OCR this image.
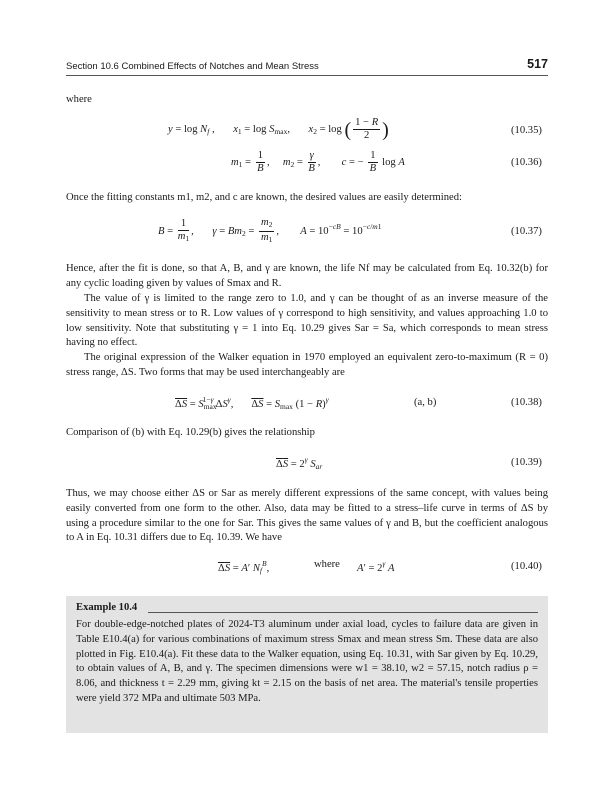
Section 10.6 Combined Effects of Notches and Mean Stress	517
where
$y = \log N_f$ ,       $x_1 = \log S_{max}$,       $x_2 = \log$ ( $\frac{1 - R}{2}$ )	(10.35)
$m_1 = \frac{1}{B}$ ,     $m_2 = \frac{\gamma}{B}$ ,        c = − $\frac{1}{B}$ log A	(10.36)
Once the fitting constants m1, m2, and c are known, the desired values are easily determined:
$B = \frac{1}{m_1}$ ,       $\gamma = Bm_2 = \frac{m_2}{m_1}$ ,        $A = 10^{-cB} = 10^{-c/m1}$	(10.37)
Hence, after the fit is done, so that A, B, and γ are known, the life Nf may be calculated from Eq. 10.32(b) for any cyclic loading given by values of Smax and R.
The value of γ is limited to the range zero to 1.0, and γ can be thought of as an inverse measure of the sensitivity to mean stress or to R. Low values of γ correspond to high sensitivity, and values approaching 1.0 to low sensitivity. Note that substituting γ = 1 into Eq. 10.29 gives Sar = Sa, which corresponds to mean stress having no effect.
The original expression of the Walker equation in 1970 employed an equivalent zero-to-maximum (R = 0) stress range, ΔS. Two forms that may be used interchangeably are
$\Delta S = S_{max}^{1-\gamma}$ $\Delta S^\gamma$,       $\Delta S = S_{max}$ $(1 - R)^\gamma$	(a, b)	(10.38)
Comparison of (b) with Eq. 10.29(b) gives the relationship
$\Delta S = 2^\gamma$ $S_{ar}$	(10.39)
Thus, we may choose either ΔS or Sar as merely different expressions of the same concept, with values being easily converted from one form to the other. Also, data may be fitted to a stress–life curve in terms of ΔS by using a procedure similar to the one for Sar. This gives the same values of γ and B, but the coefficient analogous to A in Eq. 10.31 differs due to Eq. 10.39. We have
ΔS = A′ $N_f^B$, where $A' = 2^\gamma$ A	(10.40)
Example 10.4
For double-edge-notched plates of 2024-T3 aluminum under axial load, cycles to failure data are given in Table E10.4(a) for various combinations of maximum stress Smax and mean stress Sm. These data are also plotted in Fig. E10.4(a). Fit these data to the Walker equation, using Eq. 10.31, with Sar given by Eq. 10.29, to obtain values of A, B, and γ. The specimen dimensions were w1 = 38.10, w2 = 57.15, notch radius ρ = 8.06, and thickness t = 2.29 mm, giving kt = 2.15 on the basis of net area. The material's tensile properties were yield 372 MPa and ultimate 503 MPa.
